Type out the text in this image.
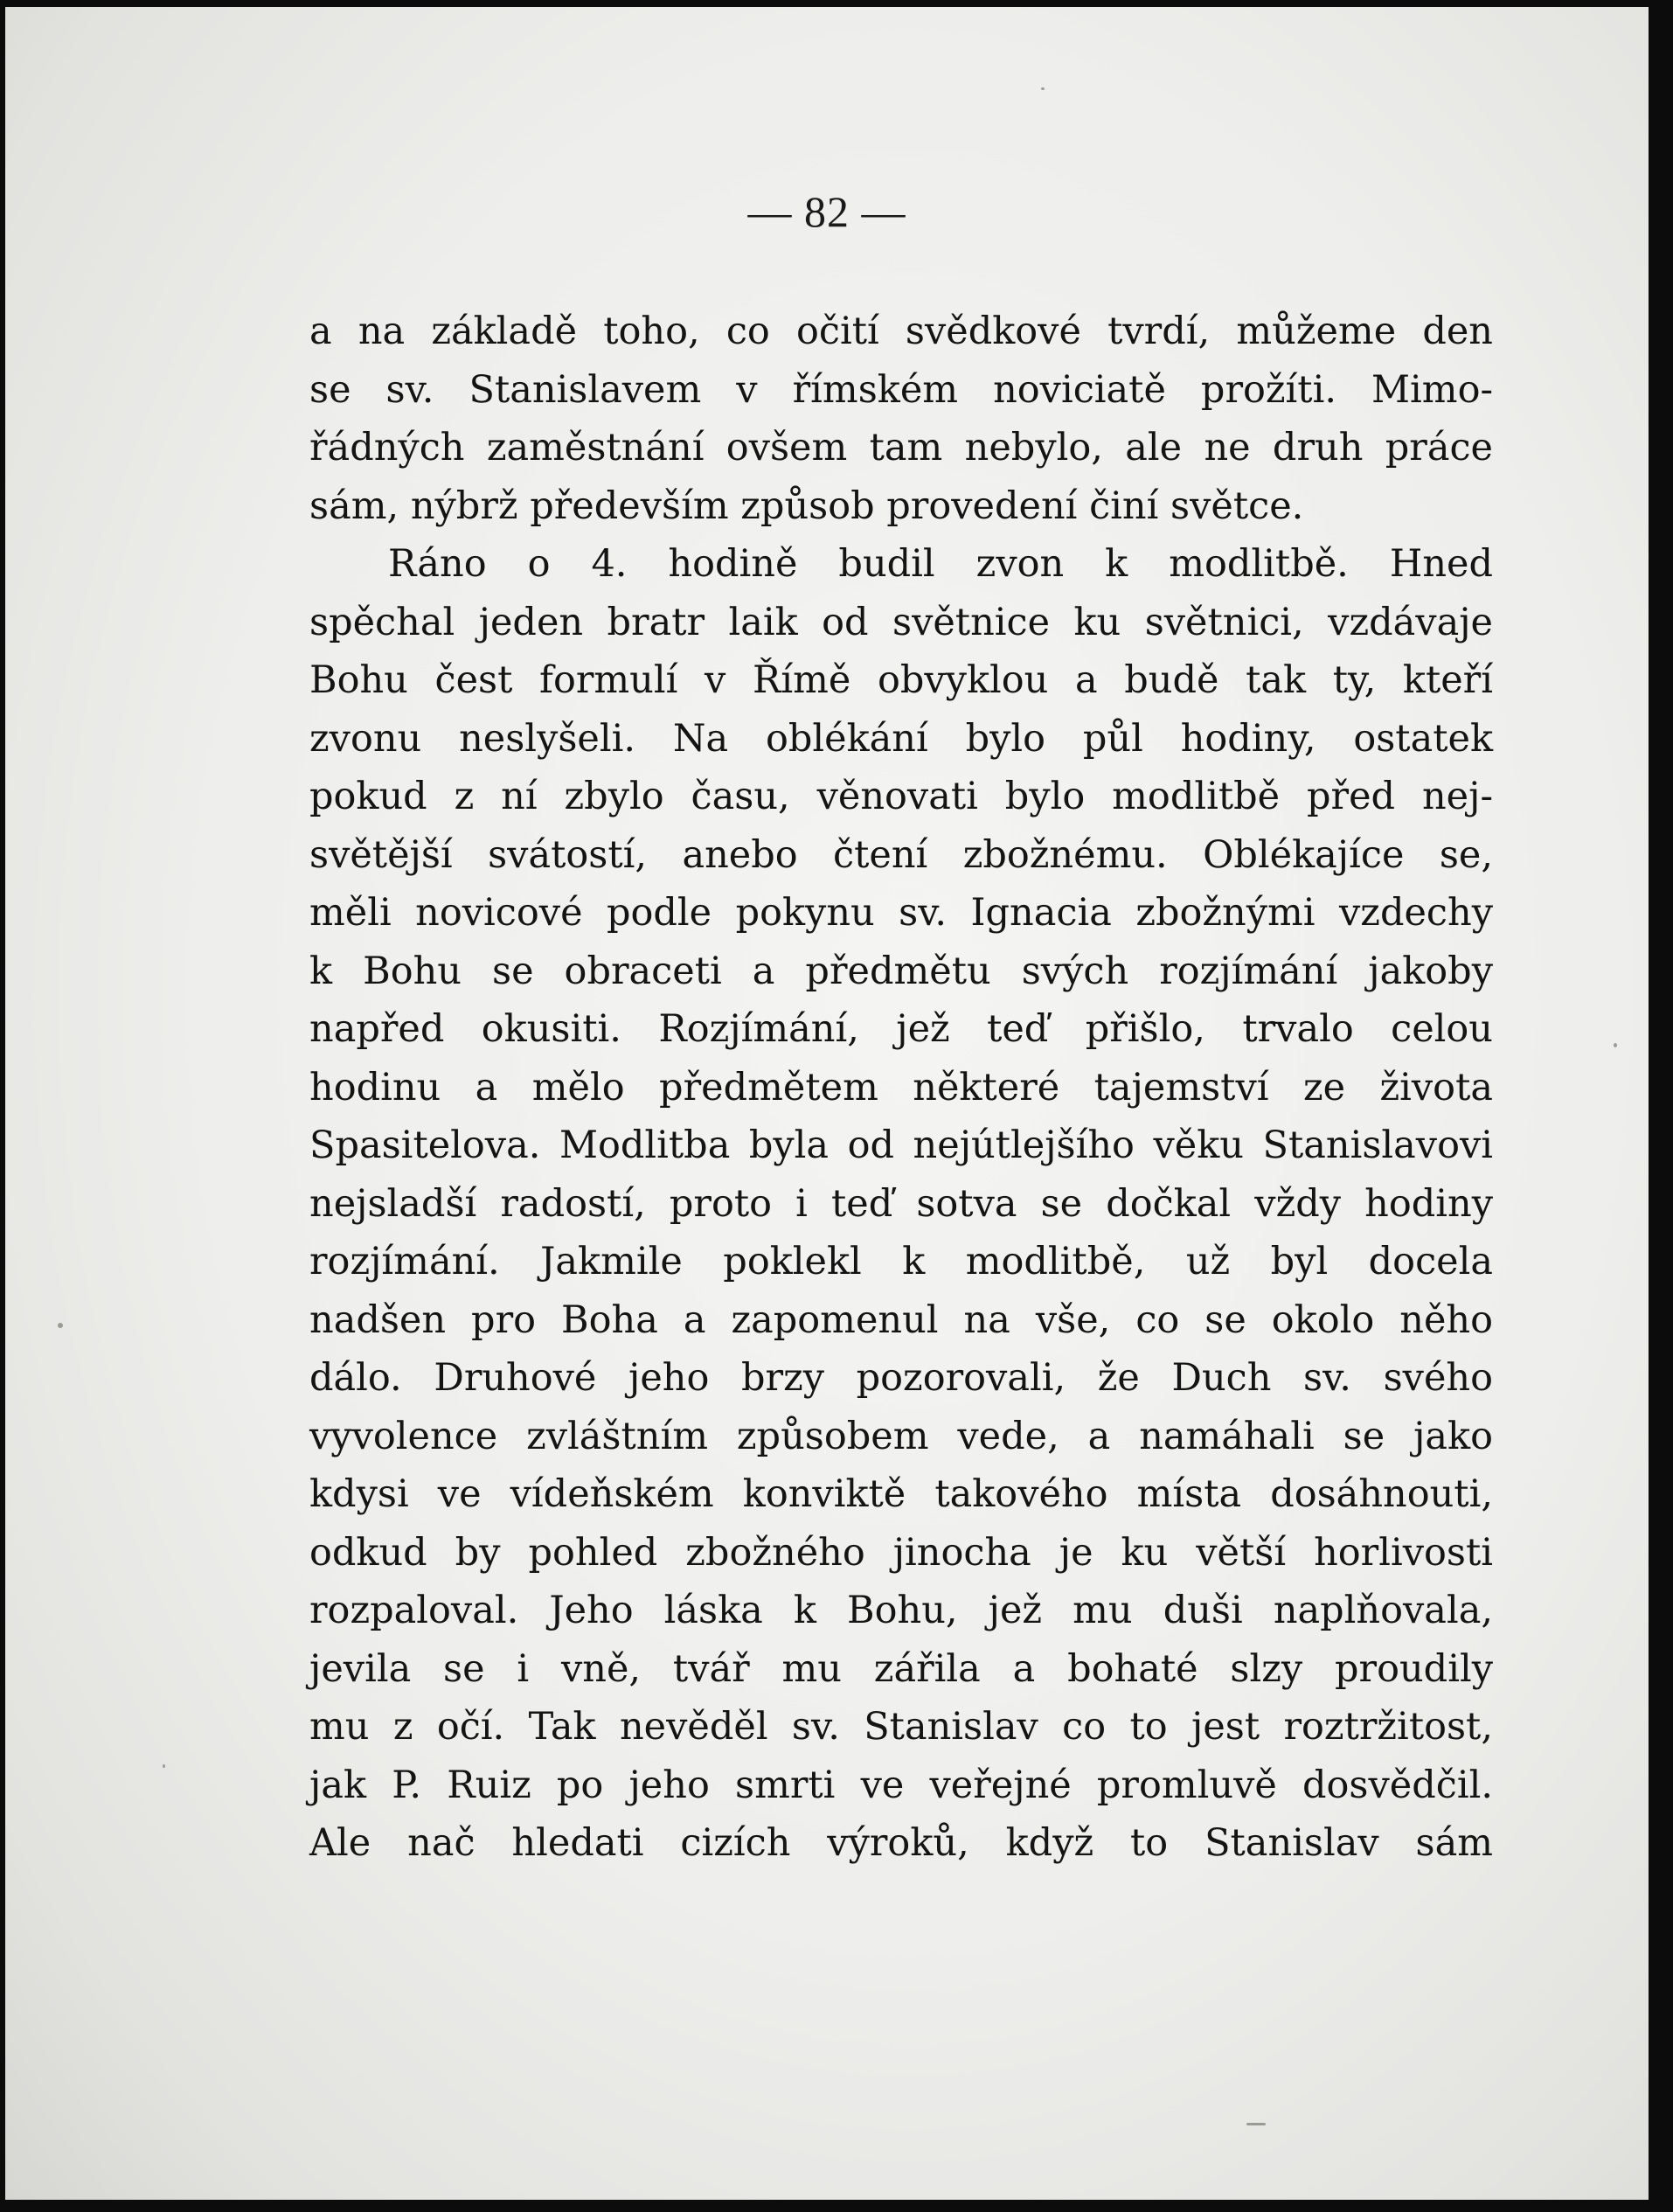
— 82 —
a na základě toho, co očití svědkové tvrdí, můžeme den
se sv. Stanislavem v římském noviciatě prožíti. Mimo-
řádných zaměstnání ovšem tam nebylo, ale ne druh práce
sám, nýbrž především způsob provedení činí světce.
Ráno o 4. hodině budil zvon k modlitbě. Hned
spěchal jeden bratr laik od světnice ku světnici, vzdávaje
Bohu čest formulí v Římě obvyklou a budě tak ty, kteří
zvonu neslyšeli. Na oblékání bylo půl hodiny, ostatek
pokud z ní zbylo času, věnovati bylo modlitbě před nej-
světější svátostí, anebo čtení zbožnému. Oblékajíce se,
měli novicové podle pokynu sv. Ignacia zbožnými vzdechy
k Bohu se obraceti a předmětu svých rozjímání jakoby
napřed okusiti. Rozjímání, jež teď přišlo, trvalo celou
hodinu a mělo předmětem některé tajemství ze života
Spasitelova. Modlitba byla od nejútlejšího věku Stanislavovi
nejsladší radostí, proto i teď sotva se dočkal vždy hodiny
rozjímání. Jakmile poklekl k modlitbě, už byl docela
nadšen pro Boha a zapomenul na vše, co se okolo něho
dálo. Druhové jeho brzy pozorovali, že Duch sv. svého
vyvolence zvláštním způsobem vede, a namáhali se jako
kdysi ve vídeňském konviktě takového místa dosáhnouti,
odkud by pohled zbožného jinocha je ku větší horlivosti
rozpaloval. Jeho láska k Bohu, jež mu duši naplňovala,
jevila se i vně, tvář mu zářila a bohaté slzy proudily
mu z očí. Tak nevěděl sv. Stanislav co to jest roztržitost,
jak P. Ruiz po jeho smrti ve veřejné promluvě dosvědčil.
Ale nač hledati cizích výroků, když to Stanislav sám
